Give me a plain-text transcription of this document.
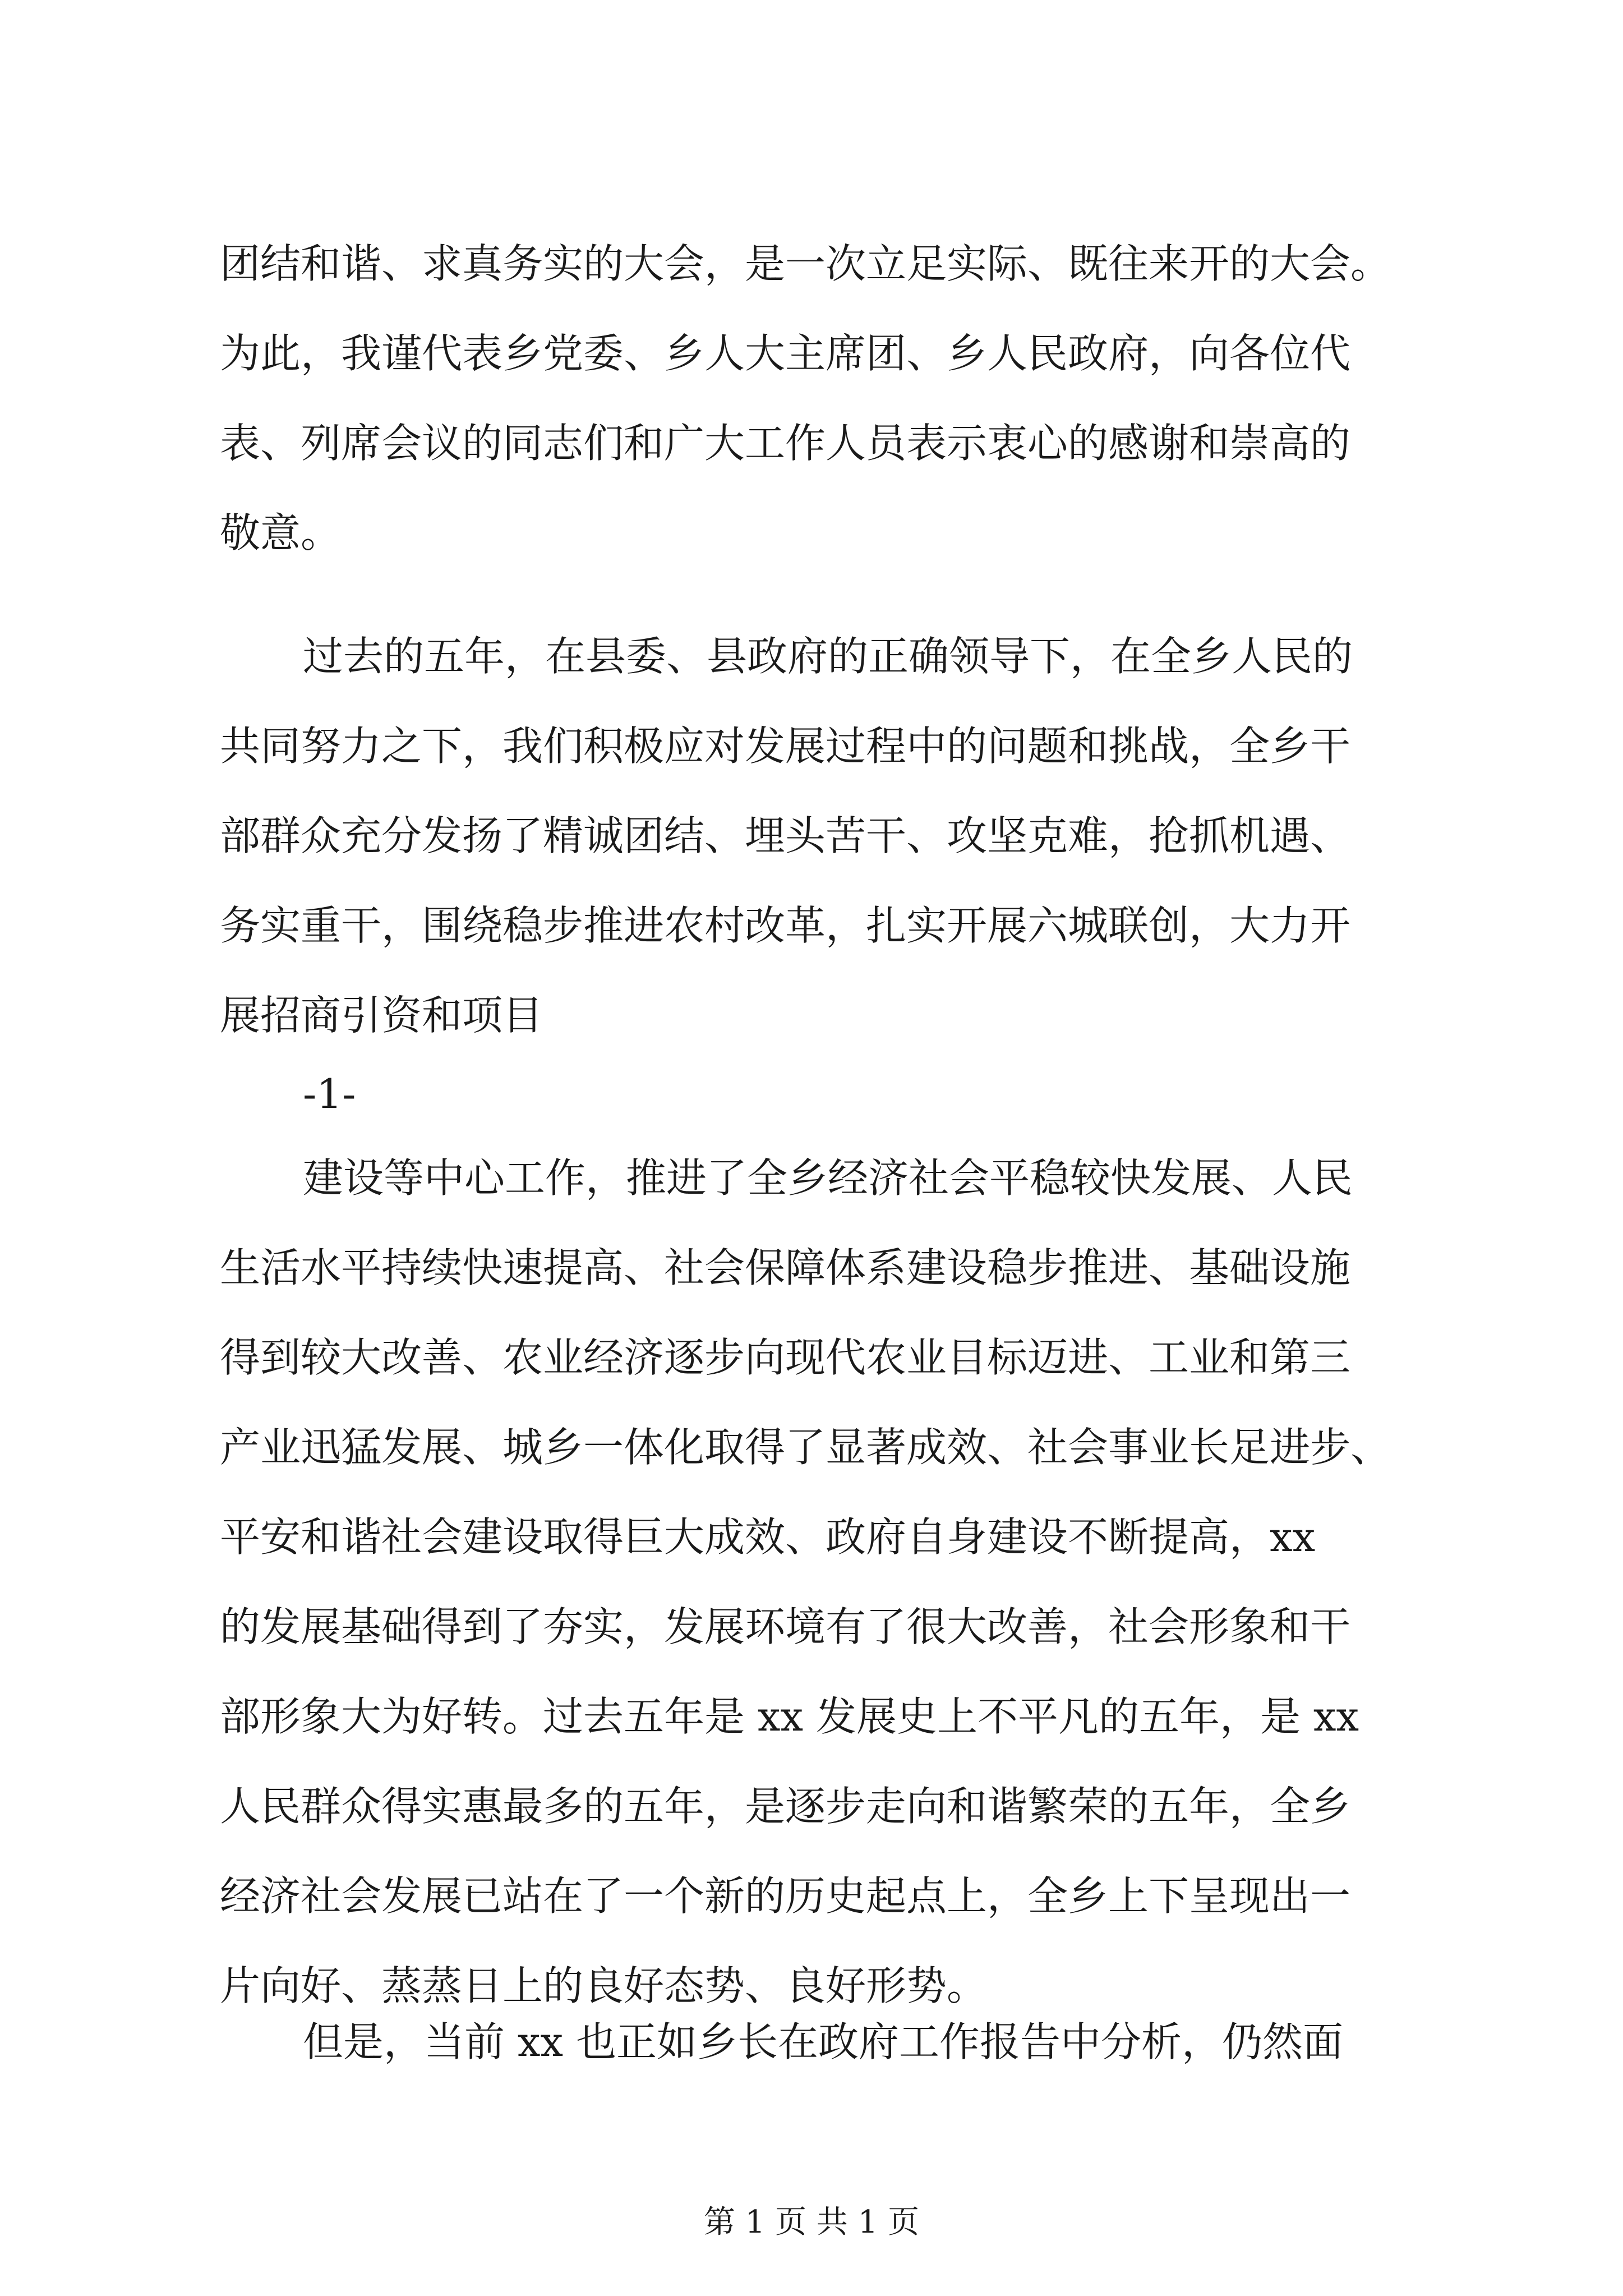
团结和谐、求真务实的大会，是一次立足实际、既往来开的大会。
为此，我谨代表乡党委、乡人大主席团、乡人民政府，向各位代
表、列席会议的同志们和广大工作人员表示衷心的感谢和崇高的
敬意。
过去的五年，在县委、县政府的正确领导下，在全乡人民的
共同努力之下，我们积极应对发展过程中的问题和挑战，全乡干
部群众充分发扬了精诚团结、埋头苦干、攻坚克难，抢抓机遇、
务实重干，围绕稳步推进农村改革，扎实开展六城联创，大力开
展招商引资和项目
-1-
建设等中心工作，推进了全乡经济社会平稳较快发展、人民
生活水平持续快速提高、社会保障体系建设稳步推进、基础设施
得到较大改善、农业经济逐步向现代农业目标迈进、工业和第三
产业迅猛发展、城乡一体化取得了显著成效、社会事业长足进步、
平安和谐社会建设取得巨大成效、政府自身建设不断提高，xx
的发展基础得到了夯实，发展环境有了很大改善，社会形象和干
部形象大为好转。过去五年是 xx 发展史上不平凡的五年，是 xx
人民群众得实惠最多的五年，是逐步走向和谐繁荣的五年，全乡
经济社会发展已站在了一个新的历史起点上，全乡上下呈现出一
片向好、蒸蒸日上的良好态势、良好形势。
但是，当前 xx 也正如乡长在政府工作报告中分析，仍然面
第 1 页 共 1 页
